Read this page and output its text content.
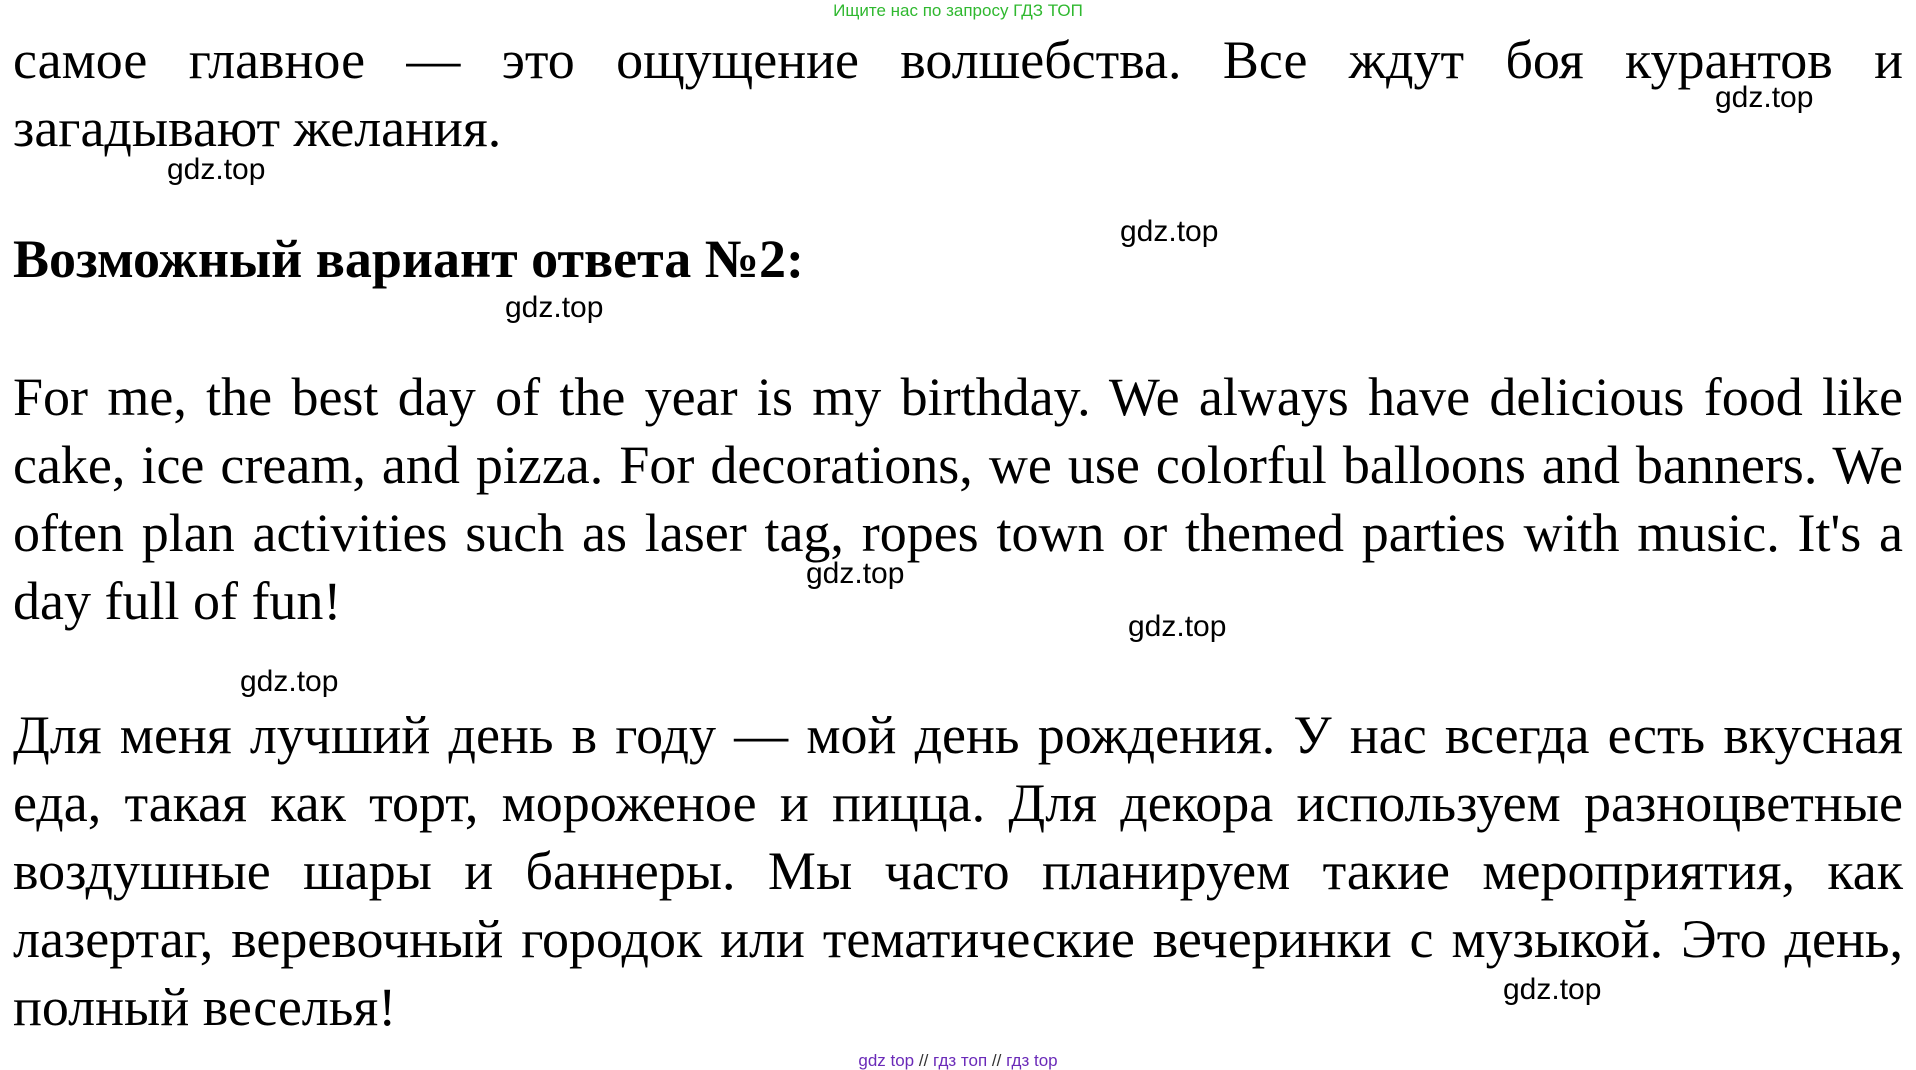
Ищите нас по запросу ГДЗ ТОП

самое главное — это ощущение волшебства. Все ждут боя курантов и загадывают желания.

Возможный вариант ответа №2:

For me, the best day of the year is my birthday. We always have delicious food like cake, ice cream, and pizza. For decorations, we use colorful balloons and banners. We often plan activities such as laser tag, ropes town or themed parties with music. It's a day full of fun!

Для меня лучший день в году — мой день рождения. У нас всегда есть вкусная еда, такая как торт, мороженое и пицца. Для декора используем разноцветные воздушные шары и баннеры. Мы часто планируем такие мероприятия, как лазертаг, веревочный городок или тематические вечеринки с музыкой. Это день, полный веселья!

gdz.top
gdz.top
gdz.top
gdz.top
gdz.top
gdz.top
gdz.top
gdz.top
gdz top // гдз топ // гдз top
